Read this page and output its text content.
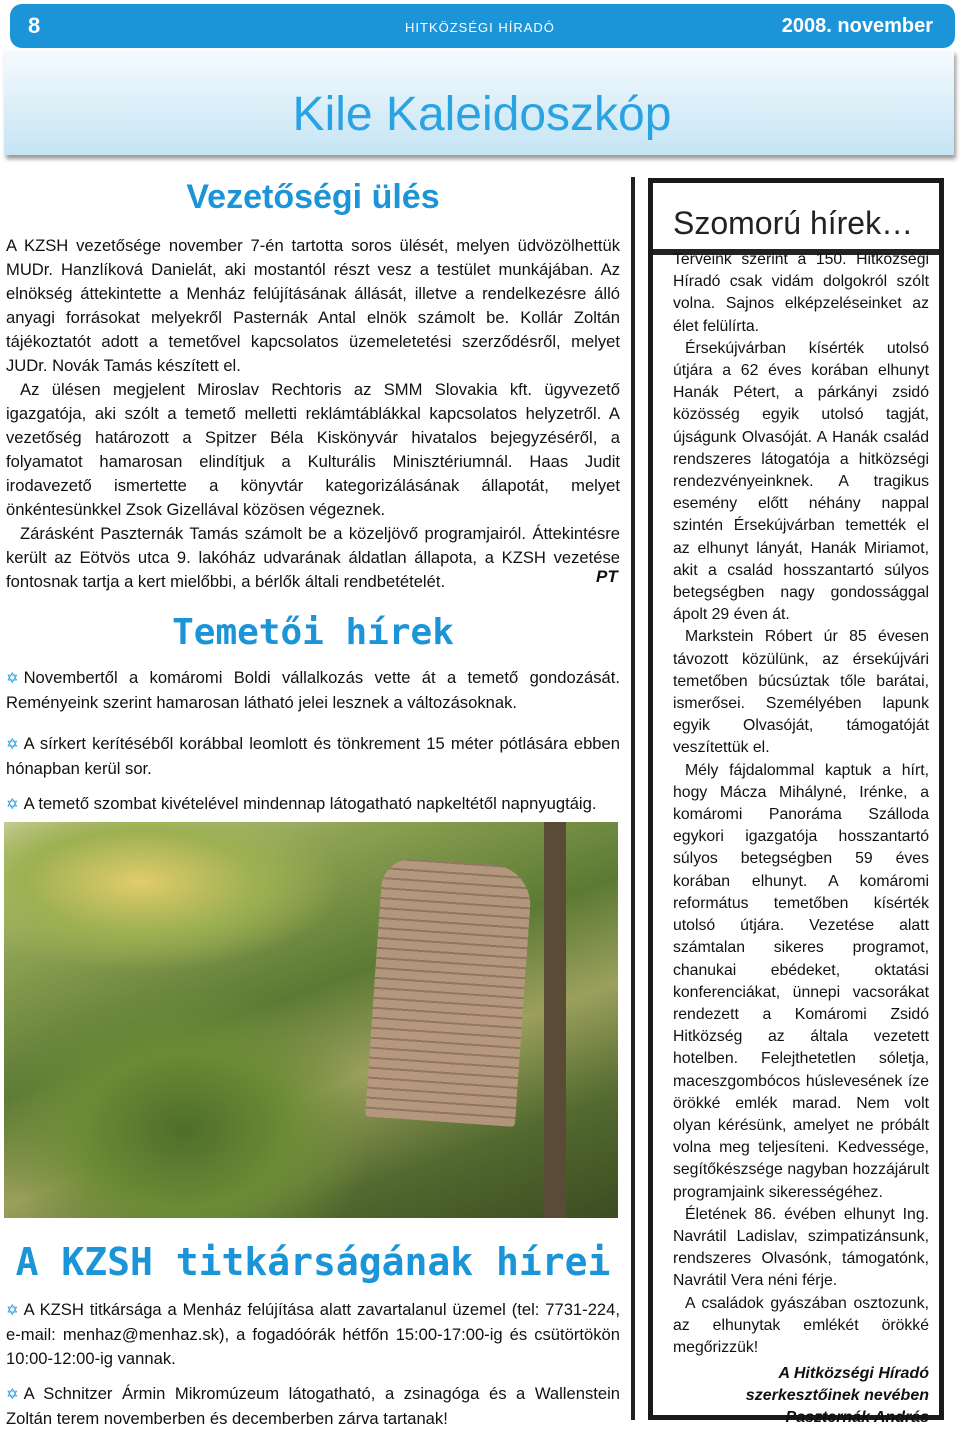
8	HITKÖZSÉGI HÍRADÓ	2008. november
Kile Kaleidoszkóp
Vezetőségi ülés

A KZSH vezetősége november 7-én tartotta soros ülését, melyen üdvözölhettük MUDr. Hanzlíková Danielát, aki mostantól részt vesz a testület munkájában. Az elnökség áttekintette a Menház felújításának állását, illetve a rendelkezésre álló anyagi forrásokat melyekről Pasternák Antal elnök számolt be. Kollár Zoltán tájékoztatót adott a temetővel kapcsolatos üzemeletetési szerződésről, melyet JUDr. Novák Tamás készített el.

Az ülésen megjelent Miroslav Rechtoris az SMM Slovakia kft. ügyvezető igazgatója, aki szólt a temető melletti reklámtáblákkal kapcsolatos helyzetről. A vezetőség határozott a Spitzer Béla Kiskönyvár hivatalos bejegyzéséről, a folyamatot hamarosan elindítjuk a Kulturális Minisztériumnál. Haas Judit irodavezető ismertette a könyvtár kategorizálásának állapotát, melyet önkéntesünkkel Zsok Gizellával közösen végeznek.

Zárásként Paszternák Tamás számolt be a közeljövő programjairól. Áttekintésre került az Eötvös utca 9. lakóház udvarának áldatlan állapota, a KZSH vezetése fontosnak tartja a kert mielőbbi, a bérlők általi rendbetételét.	PT
Temetői hírek
✡ Novembertől a komáromi Boldi vállalkozás vette át a temető gondozását. Reményeink szerint hamarosan látható jelei lesznek a változásoknak.
✡ A sírkert kerítéséből korábbal leomlott és tönkrement 15 méter pótlására ebben hónapban kerül sor.
✡ A temető szombat kivételével mindennap látogatható napkeltétől napnyugtáig.
A KZSH titkárságának hírei
✡ A KZSH titkársága a Menház felújítása alatt zavartalanul üzemel (tel: 7731-224, e-mail: menhaz@menhaz.sk), a fogadóórák hétfőn 15:00-17:00-ig és csütörtökön 10:00-12:00-ig vannak.
✡ A Schnitzer Ármin Mikromúzeum látogatható, a zsinagóga és a Wallenstein Zoltán terem novemberben és decemberben zárva tartanak!
Szomorú hírek…

Terveink szerint a 150. Hitközségi Híradó csak vidám dolgokról szólt volna. Sajnos elképzeléseinket az élet felülírta.

Érsekújvárban kísérték utolsó útjára a 62 éves korában elhunyt Hanák Pétert, a párkányi zsidó közösség egyik utolsó tagját, újságunk Olvasóját. A Hanák család rendszeres látogatója a hitközségi rendezvényeinknek. A tragikus esemény előtt néhány nappal szintén Érsekújvárban temették el az elhunyt lányát, Hanák Miriamot, akit a család hosszantartó súlyos betegségben nagy gondossággal ápolt 29 éven át.

Markstein Róbert úr 85 évesen távozott közülünk, az érsekújvári temetőben búcsúztak tőle barátai, ismerősei. Személyében lapunk egyik Olvasóját, támogatóját veszítettük el.

Mély fájdalommal kaptuk a hírt, hogy Mácza Mihályné, Irénke, a komáromi Panoráma Szálloda egykori igazgatója hosszantartó súlyos betegségben 59 éves korában elhunyt. A komáromi református temetőben kísérték utolsó útjára. Vezetése alatt számtalan sikeres programot, chanukai ebédeket, oktatási konferenciákat, ünnepi vacsorákat rendezett a Komáromi Zsidó Hitközség az általa vezetett hotelben. Felejthetetlen sóletja, maceszgombócos húslevesének íze örökké emlék marad. Nem volt olyan kérésünk, amelyet ne próbált volna meg teljesíteni. Kedvessége, segítőkészsége nagyban hozzájárult programjaink sikerességéhez.

Életének 86. évében elhunyt Ing. Navrátil Ladislav, szimpatizánsunk, rendszeres Olvasónk, támogatónk, Navrátil Vera néni férje.

A családok gyászában osztozunk, az elhunytak emlékét örökké megőrizzük!

A Hitközségi Híradó
szerkesztőinek nevében
Paszternák András
